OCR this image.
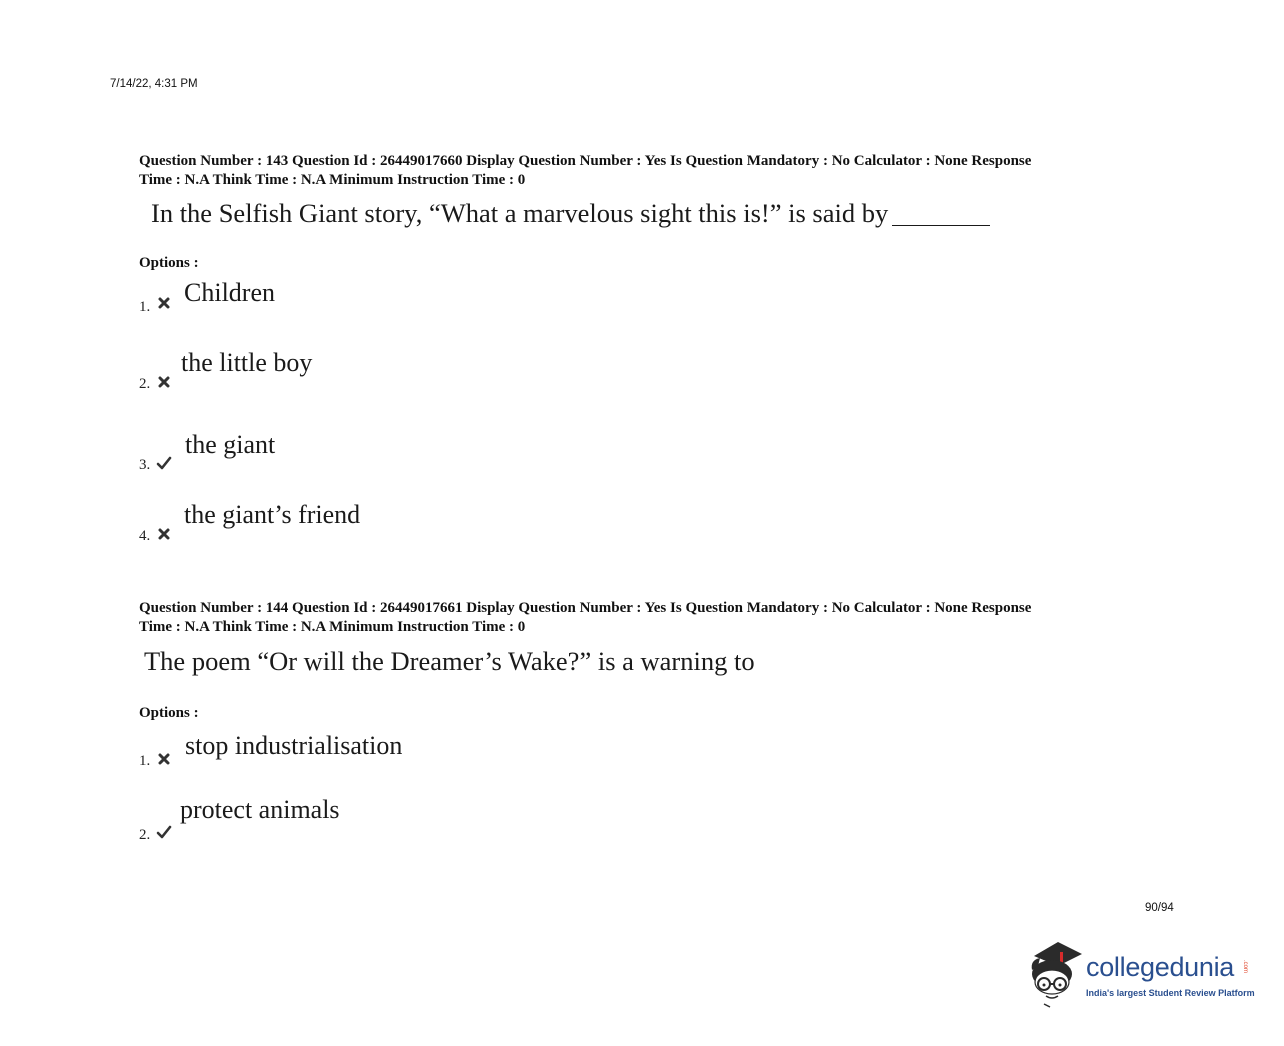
7/14/22, 4:31 PM
Question Number : 143 Question Id : 26449017660 Display Question Number : Yes Is Question Mandatory : No Calculator : None Response
Time : N.A Think Time : N.A Minimum Instruction Time : 0
In the Selfish Giant story, “What a marvelous sight this is!” is said by
Options :
1. Children
2.
the little boy
3.
the giant
4.
the giant’s friend
Question Number : 144 Question Id : 26449017661 Display Question Number : Yes Is Question Mandatory : No Calculator : None Response
Time : N.A Think Time : N.A Minimum Instruction Time : 0
The poem “Or will the Dreamer’s Wake?” is a warning to
Options :
1.
stop industrialisation
2.
protect animals
90/94
collegedunia .com
India's largest Student Review Platform
